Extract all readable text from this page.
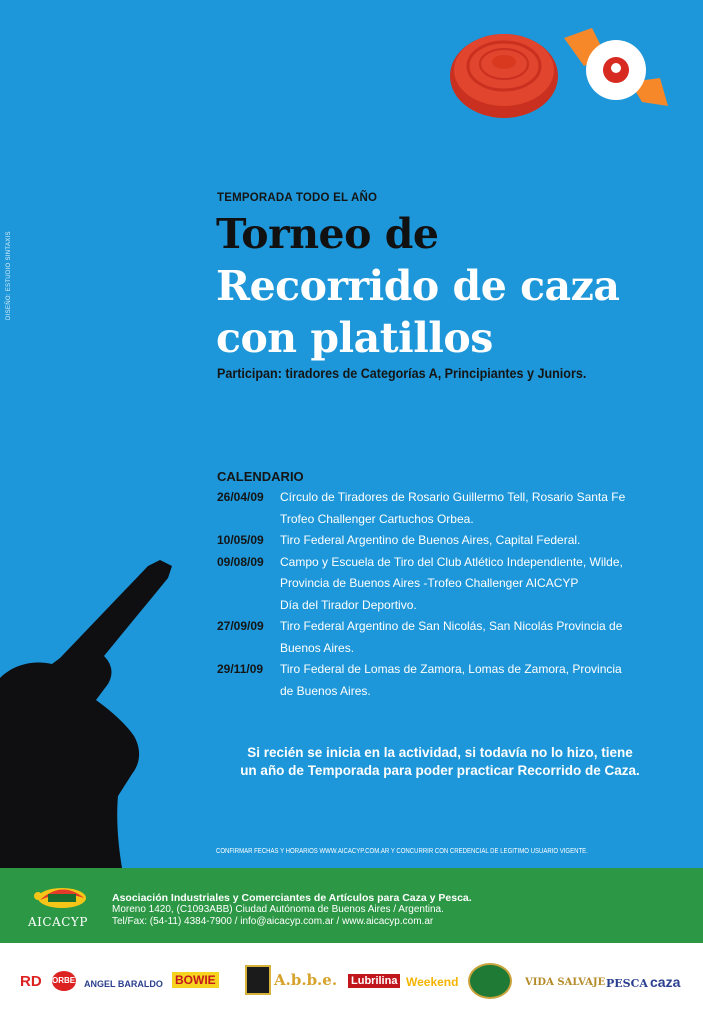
DISEÑO: ESTUDIO SINTAXIS
TEMPORADA TODO EL AÑO
Torneo de
Recorrido de caza
con platillos
Participan: tiradores de Categorías A, Principiantes y Juniors.
CALENDARIO
26/04/09	Círculo de Tiradores de Rosario Guillermo Tell, Rosario Santa Fe
Trofeo Challenger Cartuchos Orbea.
10/05/09	Tiro Federal Argentino de Buenos Aires, Capital Federal.
09/08/09	Campo y Escuela de Tiro del Club Atlético Independiente, Wilde,
Provincia de Buenos Aires -Trofeo Challenger AICACYP
Día del Tirador Deportivo.
27/09/09	Tiro Federal Argentino de San Nicolás, San Nicolás Provincia de
Buenos Aires.
29/11/09	Tiro Federal de Lomas de Zamora, Lomas de Zamora, Provincia
de Buenos Aires.
Si recién se inicia en la actividad, si todavía no lo hizo, tiene
un año de Temporada para poder practicar Recorrido de Caza.
CONFIRMAR FECHAS Y HORARIOS WWW.AICACYP.COM.AR Y CONCURRIR CON CREDENCIAL DE LEGITIMO USUARIO VIGENTE.
AICACYP
Asociación Industriales y Comerciantes de Artículos para Caza y Pesca.
Moreno 1420, (C1093ABB) Ciudad Autónoma de Buenos Aires / Argentina.
Tel/Fax: (54-11) 4384-7900 / info@aicacyp.com.ar / www.aicacyp.com.ar
RD ORBEA ANGEL BARALDO BOWIE	A.b.b.e. Lubrilina Weekend	VIDA SALVAJE PESCA caza
